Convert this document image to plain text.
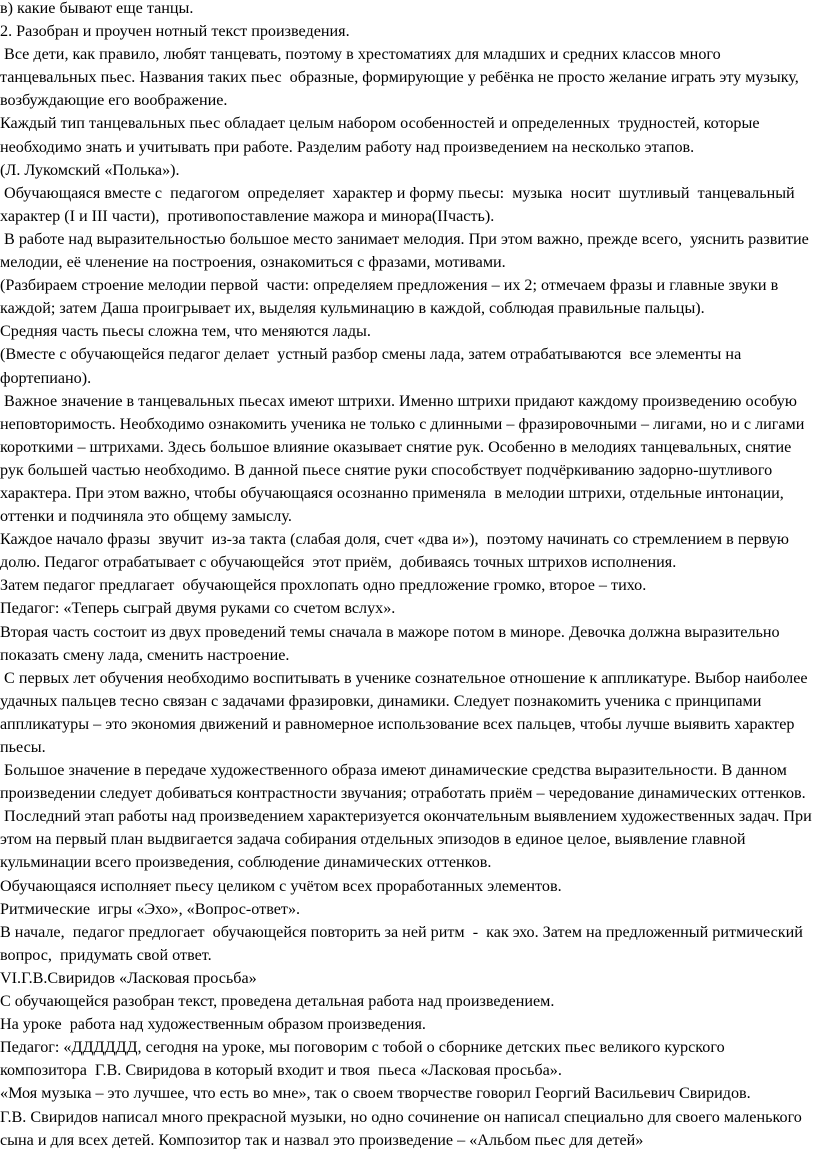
в) какие бывают еще танцы.

2. Разобран и проучен нотный текст произведения.

Все дети, как правило, любят танцевать, поэтому в хрестоматиях для младших и средних классов много танцевальных пьес. Названия таких пьес  образные, формирующие у ребёнка не просто желание играть эту музыку,  возбуждающие его воображение.

Каждый тип танцевальных пьес обладает целым набором особенностей и определенных  трудностей, которые необходимо знать и учитывать при работе. Разделим работу над произведением на несколько этапов.

(Л. Лукомский «Полька»).

Обучающаяся вместе с  педагогом  определяет  характер и форму пьесы:  музыка  носит  шутливый  танцевальный  характер (I и III части),  противопоставление мажора и минора(IIчасть).

В работе над выразительностью большое место занимает мелодия. При этом важно, прежде всего,  уяснить развитие мелодии, её членение на построения, ознакомиться с фразами, мотивами.

(Разбираем строение мелодии первой  части: определяем предложения – их 2; отмечаем фразы и главные звуки в каждой; затем Даша проигрывает их, выделяя кульминацию в каждой, соблюдая правильные пальцы).

Средняя часть пьесы сложна тем, что меняются лады.

(Вместе с обучающейся педагог делает  устный разбор смены лада, затем отрабатываются  все элементы на фортепиано).

Важное значение в танцевальных пьесах имеют штрихи. Именно штрихи придают каждому произведению особую неповторимость. Необходимо ознакомить ученика не только с длинными – фразировочными – лигами, но и с лигами короткими – штрихами. Здесь большое влияние оказывает снятие рук. Особенно в мелодиях танцевальных, снятие рук большей частью необходимо. В данной пьесе снятие руки способствует подчёркиванию задорно-шутливого характера. При этом важно, чтобы обучающаяся осознанно применяла  в мелодии штрихи, отдельные интонации, оттенки и подчиняла это общему замыслу.

Каждое начало фразы  звучит  из-за такта (слабая доля, счет «два и»),  поэтому начинать со стремлением в первую долю. Педагог отрабатывает с обучающейся  этот приём,  добиваясь точных штрихов исполнения.

Затем педагог предлагает  обучающейся прохлопать одно предложение громко, второе – тихо.

Педагог: «Теперь сыграй двумя руками со счетом вслух».

Вторая часть состоит из двух проведений темы сначала в мажоре потом в миноре. Девочка должна выразительно показать смену лада, сменить настроение.

С первых лет обучения необходимо воспитывать в ученике сознательное отношение к аппликатуре. Выбор наиболее удачных пальцев тесно связан с задачами фразировки, динамики. Следует познакомить ученика с принципами аппликатуры – это экономия движений и равномерное использование всех пальцев, чтобы лучше выявить характер пьесы.

Большое значение в передаче художественного образа имеют динамические средства выразительности. В данном произведении следует добиваться контрастности звучания; отработать приём – чередование динамических оттенков.

Последний этап работы над произведением характеризуется окончательным выявлением художественных задач. При этом на первый план выдвигается задача собирания отдельных эпизодов в единое целое, выявление главной кульминации всего произведения, соблюдение динамических оттенков.

Обучающаяся исполняет пьесу целиком с учётом всех проработанных элементов.

Ритмические  игры «Эхо», «Вопрос-ответ».

В начале,  педагог предлогает  обучающейся повторить за ней ритм  -  как эхо. Затем на предложенный ритмический вопрос,  придумать свой ответ.

VI.Г.В.Свиридов «Ласковая просьба»

С обучающейся разобран текст, проведена детальная работа над произведением.

На уроке  работа над художественным образом произведения.

Педагог: «ДДДДДД, сегодня на уроке, мы поговорим с тобой о сборнике детских пьес великого курского композитора  Г.В. Свиридова в который входит и твоя  пьеса «Ласковая просьба».

«Моя музыка – это лучшее, что есть во мне», так о своем творчестве говорил Георгий Васильевич Свиридов.

Г.В. Свиридов написал много прекрасной музыки, но одно сочинение он написал специально для своего маленького сына и для всех детей. Композитор так и назвал это произведение – «Альбом пьес для детей»
